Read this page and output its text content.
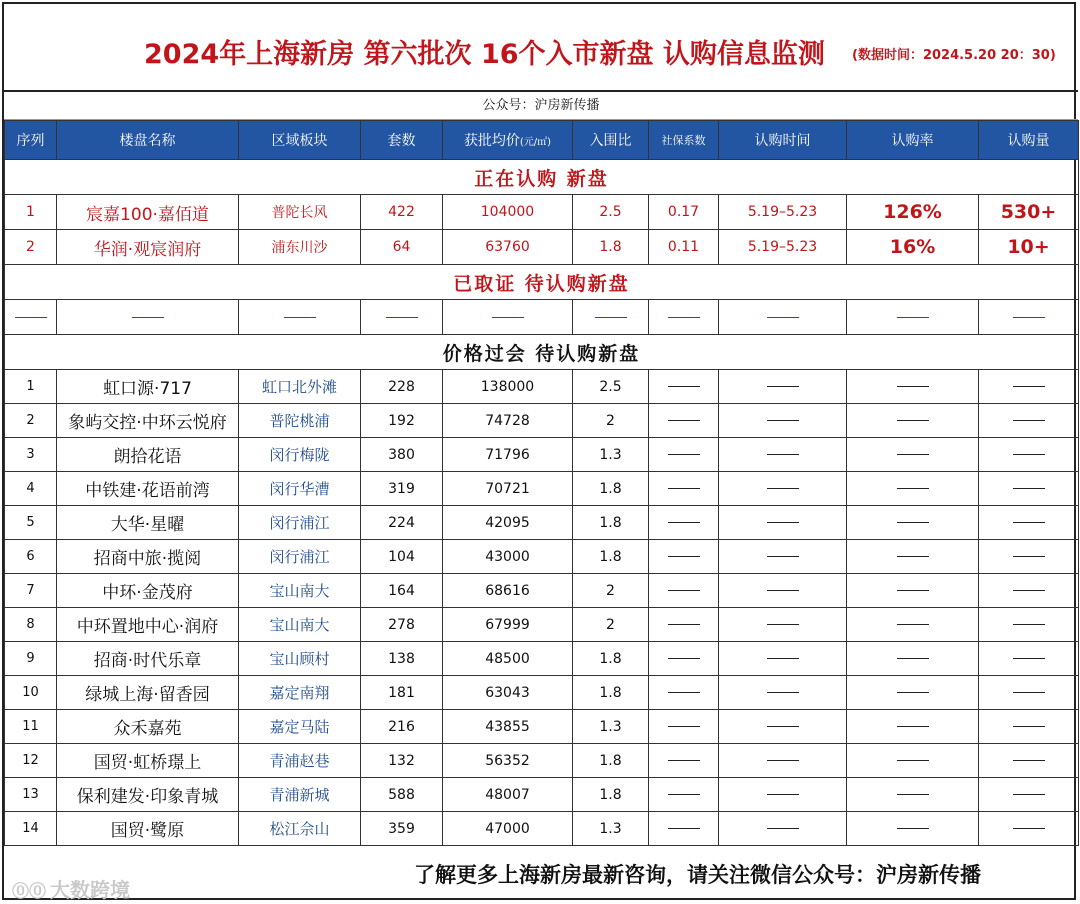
2024年上海新房 第六批次 16个入市新盘 认购信息监测 (数据时间：2024.5.20 20：30)
公众号：沪房新传播
序列	楼盘名称	区域板块	套数	获批均价(元/㎡)	入围比	社保系数	认购时间	认购率	认购量
正在认购 新盘									
1	宸嘉100·嘉佰道	普陀长风	422	104000	2.5	0.17	5.19–5.23	126%	530+
2	华润·观宸润府	浦东川沙	64	63760	1.8	0.11	5.19–5.23	16%	10+
已取证 待认购新盘									

价格过会 待认购新盘									
1	虹口源·717	虹口北外滩	228	138000	2.5				
2	象屿交控·中环云悦府	普陀桃浦	192	74728	2				
3	朗拾花语	闵行梅陇	380	71796	1.3				
4	中铁建·花语前湾	闵行华漕	319	70721	1.8				
5	大华·星曜	闵行浦江	224	42095	1.8				
6	招商中旅·揽阅	闵行浦江	104	43000	1.8				
7	中环·金茂府	宝山南大	164	68616	2				
8	中环置地中心·润府	宝山南大	278	67999	2				
9	招商·时代乐章	宝山顾村	138	48500	1.8				
10	绿城上海·留香园	嘉定南翔	181	63043	1.8				
11	众禾嘉苑	嘉定马陆	216	43855	1.3				
12	国贸·虹桥璟上	青浦赵巷	132	56352	1.8				
13	保利建发·印象青城	青浦新城	588	48007	1.8				
14	国贸·鹭原	松江佘山	359	47000	1.3				
⓪⓪ 大数跨境
了解更多上海新房最新咨询，请关注微信公众号：沪房新传播
